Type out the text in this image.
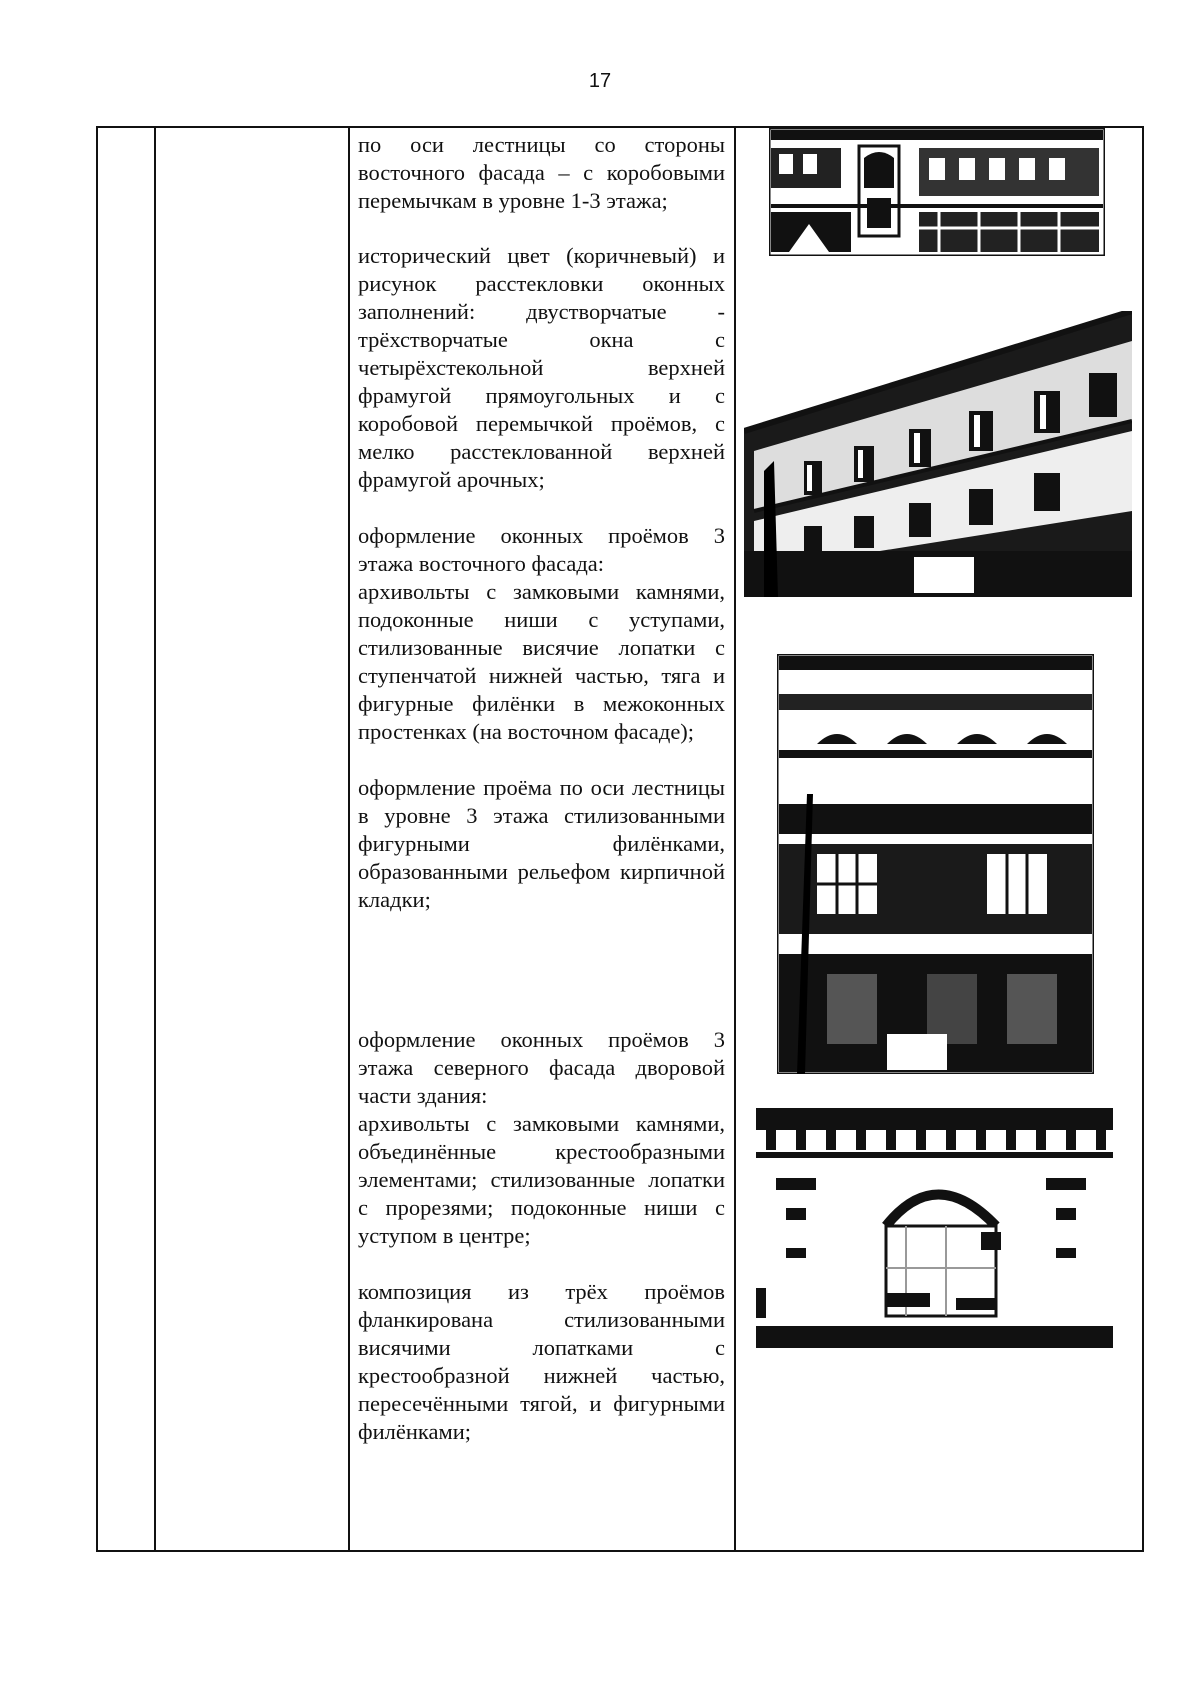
17

по оси лестницы со стороны восточного фасада – с коробовыми перемычкам в уровне 1-3 этажа;

исторический цвет (коричневый) и рисунок расстекловки оконных заполнений: двустворчатые - трёхстворчатые окна с четырёхстекольной верхней фрамугой прямоугольных и с коробовой перемычкой проёмов, с мелко расстеклованной верхней фрамугой арочных;

оформление оконных проёмов 3 этажа восточного фасада:

архивольты с замковыми камнями, подоконные ниши с уступами, стилизованные висячие лопатки с ступенчатой нижней частью, тяга и фигурные филёнки в межоконных простенках (на восточном фасаде);

оформление проёма по оси лестницы в уровне 3 этажа стилизованными фигурными филёнками, образованными рельефом кирпичной кладки;

оформление оконных проёмов 3 этажа северного фасада дворовой части здания:

архивольты с замковыми камнями, объединённые крестообразными элементами; стилизованные лопатки с прорезями; подоконные ниши с уступом в центре;

композиция из трёх проёмов фланкирована стилизованными висячими лопатками с крестообразной нижней частью, пересечёнными тягой, и фигурными филёнками;
